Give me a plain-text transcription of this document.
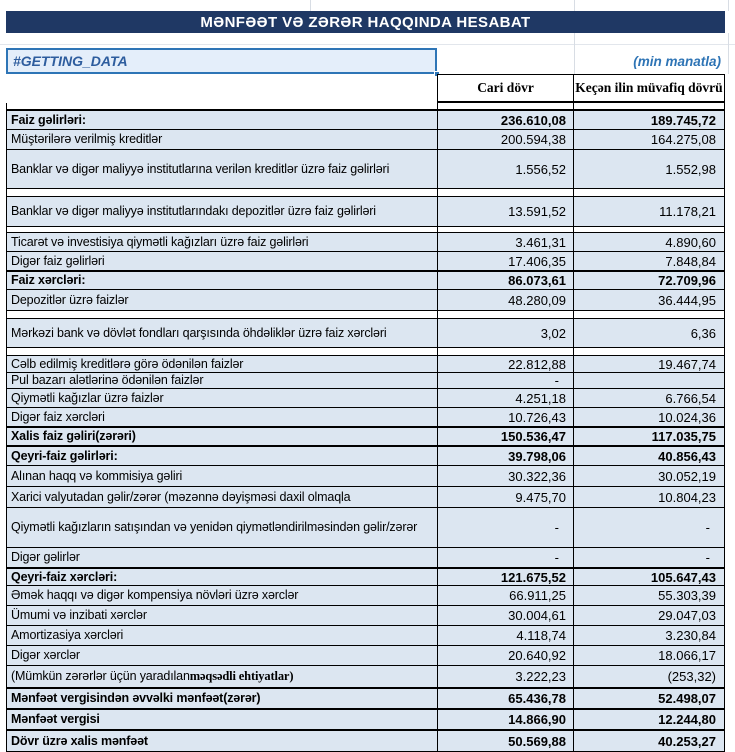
MƏNFƏƏT VƏ ZƏRƏR HAQQINDA HESABAT
#GETTING_DATA	(min manatla)
Cari dövr	Keçən ilin müvafiq dövrü
Faiz gəlirləri:	236.610,08	189.745,72
Müştərilərə verilmiş kreditlər	200.594,38	164.275,08
Banklar və digər maliyyə institutlarına verilən kreditlər üzrə faiz gəlirləri	1.556,52	1.552,98
Banklar və digər maliyyə institutlarındakı depozitlər üzrə faiz gəlirləri	13.591,52	11.178,21
Ticarət və investisiya qiymətli kağızları üzrə faiz gəlirləri	3.461,31	4.890,60
Digər faiz gəlirləri	17.406,35	7.848,84
Faiz xərcləri:	86.073,61	72.709,96
Depozitlər üzrə faizlər	48.280,09	36.444,95
Mərkəzi bank və dövlət fondları qarşısında öhdəliklər üzrə faiz xərcləri	3,02	6,36
Cəlb edilmiş kreditlərə görə ödənilən faizlər	22.812,88	19.467,74
Pul bazarı alətlərinə ödənilən faizlər	-
Qiymətli kağızlar üzrə faizlər	4.251,18	6.766,54
Digər faiz xərcləri	10.726,43	10.024,36
Xalis faiz gəliri(zərəri)	150.536,47	117.035,75
Qeyri-faiz gəlirləri:	39.798,06	40.856,43
Alınan haqq və kommisiya gəliri	30.322,36	30.052,19
Xarici valyutadan gəlir/zərər (məzənnə dəyişməsi daxil olmaqla	9.475,70	10.804,23
Qiymətli kağızların satışından və yenidən qiymətləndirilməsindən gəlir/zərər	-	-
Digər gəlirlər	-	-
Qeyri-faiz xərcləri:	121.675,52	105.647,43
Əmək haqqı və digər kompensiya növləri üzrə xərclər	66.911,25	55.303,39
Ümumi və inzibati xərclər	30.004,61	29.047,03
Amortizasiya xərcləri	4.118,74	3.230,84
Digər xərclər	20.640,92	18.066,17
(Mümkün zərərlər üçün yaradılan məqsədli ehtiyatlar)	3.222,23	(253,32)
Mənfəət vergisindən əvvəlki mənfəət(zərər)	65.436,78	52.498,07
Mənfəət vergisi	14.866,90	12.244,80
Dövr üzrə xalis mənfəət	50.569,88	40.253,27
